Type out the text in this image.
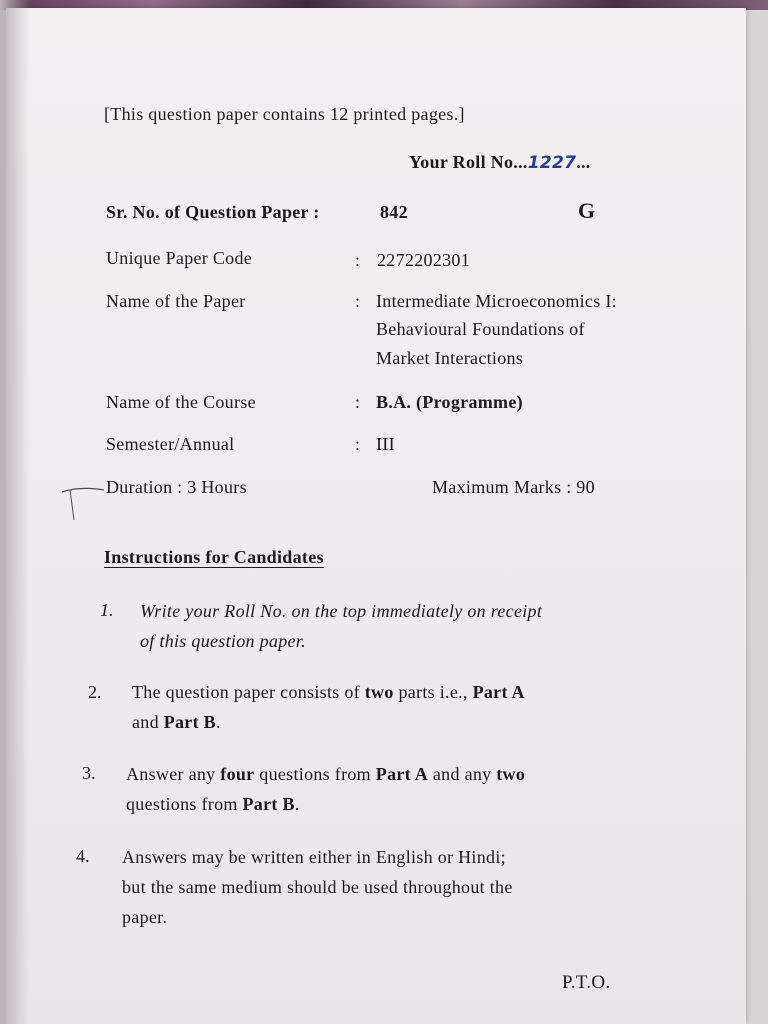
[This question paper contains 12 printed pages.]
Your Roll No...1227...
Sr. No. of Question Paper :	842	G
Unique Paper Code	: 2272202301
Name of the Paper	: Intermediate Microeconomics I:
Behavioural Foundations of
Market Interactions
Name of the Course	: B.A. (Programme)
Semester/Annual	: III
Duration : 3 Hours	Maximum Marks : 90
Instructions for Candidates
1. Write your Roll No. on the top immediately on receipt
of this question paper.
2. The question paper consists of two parts i.e., Part A
and Part B.
3. Answer any four questions from Part A and any two
questions from Part B.
4. Answers may be written either in English or Hindi;
but the same medium should be used throughout the
paper.
P.T.O.
